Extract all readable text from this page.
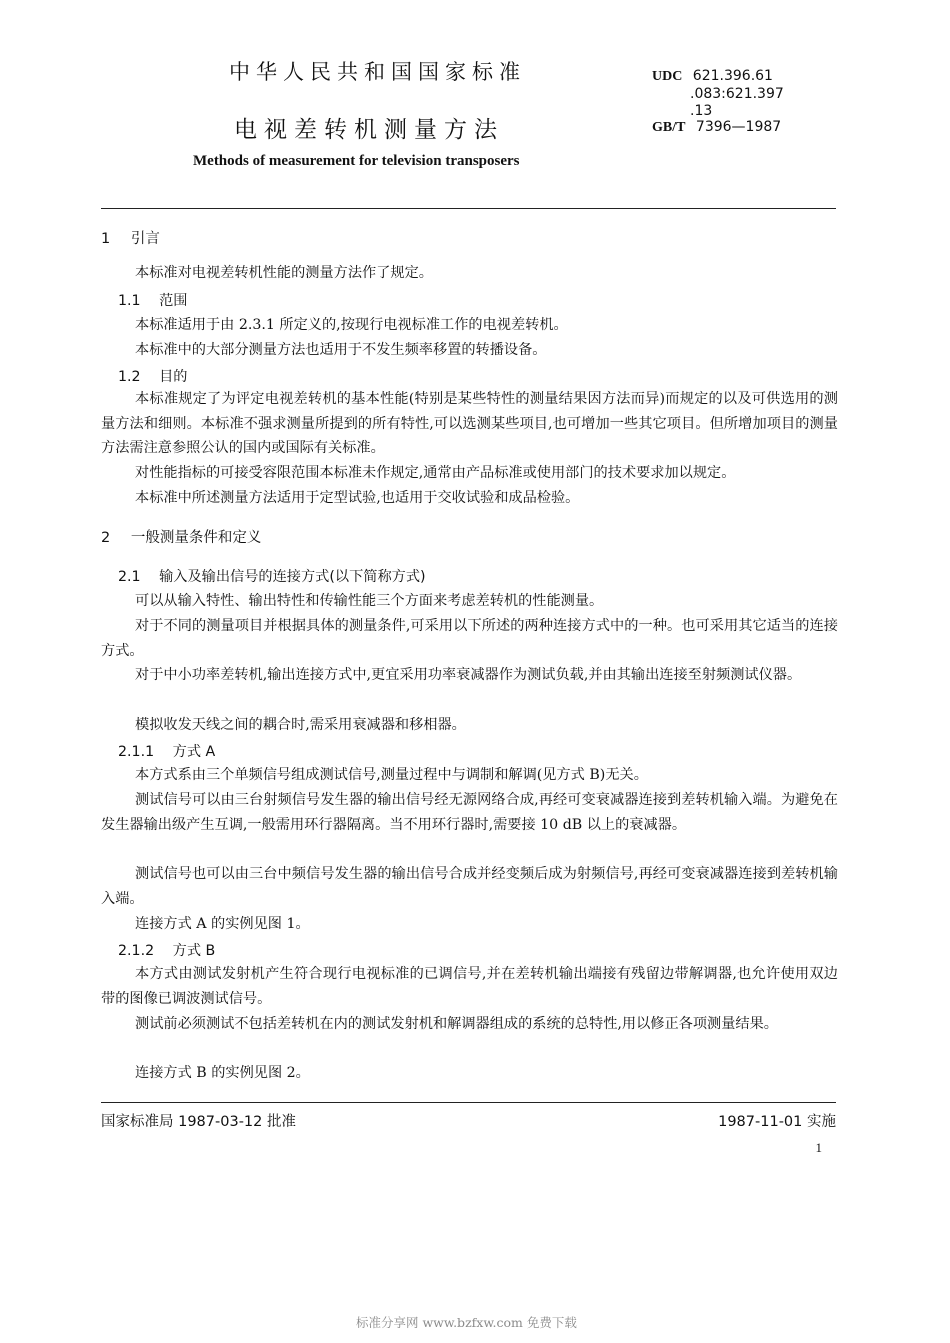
中华人民共和国国家标准
电视差转机测量方法
Methods of measurement for television transposers
UDC 621.396.61
.083:621.397
.13
GB/T 7396—1987
1 引言
本标准对电视差转机性能的测量方法作了规定。
1.1 范围
本标准适用于由 2.3.1 所定义的,按现行电视标准工作的电视差转机。
本标准中的大部分测量方法也适用于不发生频率移置的转播设备。
1.2 目的
本标准规定了为评定电视差转机的基本性能(特别是某些特性的测量结果因方法而异)而规定的以及可供选用的测量方法和细则。本标准不强求测量所提到的所有特性,可以选测某些项目,也可增加一些其它项目。但所增加项目的测量方法需注意参照公认的国内或国际有关标准。
对性能指标的可接受容限范围本标准未作规定,通常由产品标准或使用部门的技术要求加以规定。
本标准中所述测量方法适用于定型试验,也适用于交收试验和成品检验。
2 一般测量条件和定义
2.1 输入及输出信号的连接方式(以下简称方式)
可以从输入特性、输出特性和传输性能三个方面来考虑差转机的性能测量。
对于不同的测量项目并根据具体的测量条件,可采用以下所述的两种连接方式中的一种。也可采用其它适当的连接方式。
对于中小功率差转机,输出连接方式中,更宜采用功率衰减器作为测试负载,并由其输出连接至射频测试仪器。
模拟收发天线之间的耦合时,需采用衰减器和移相器。
2.1.1 方式 A
本方式系由三个单频信号组成测试信号,测量过程中与调制和解调(见方式 B)无关。
测试信号可以由三台射频信号发生器的输出信号经无源网络合成,再经可变衰减器连接到差转机输入端。为避免在发生器输出级产生互调,一般需用环行器隔离。当不用环行器时,需要接 10 dB 以上的衰减器。
测试信号也可以由三台中频信号发生器的输出信号合成并经变频后成为射频信号,再经可变衰减器连接到差转机输入端。
连接方式 A 的实例见图 1。
2.1.2 方式 B
本方式由测试发射机产生符合现行电视标准的已调信号,并在差转机输出端接有残留边带解调器,也允许使用双边带的图像已调波测试信号。
测试前必须测试不包括差转机在内的测试发射机和解调器组成的系统的总特性,用以修正各项测量结果。
连接方式 B 的实例见图 2。
国家标准局 1987-03-12 批准	1987-11-01 实施
1
标准分享网 www.bzfxw.com 免费下载
